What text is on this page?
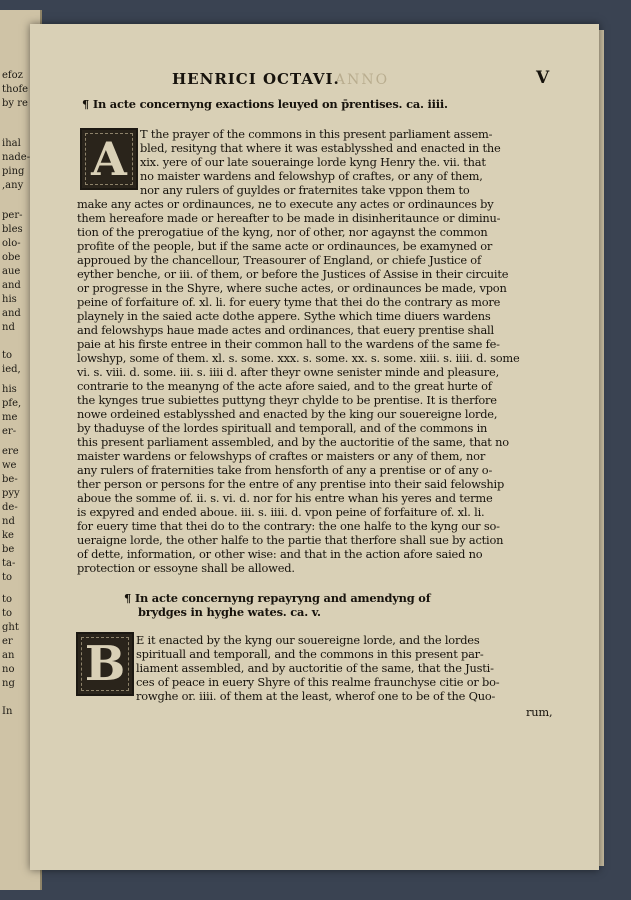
efoz
thofe
by re
ihal
nade-
ping
,any
per-
bles
olo-
obe
aue
and
his
and
nd
to
ied,
his
pfe,
me
er-
ere
we
be-
pyy
de-
nd
ke
be
ta-
to
to
to
ght
er
an
no
ng
In
ANNO
HENRICI OCTAVI.	V
¶ In acte concernyng exactions leuyed on p̄rentises. ca. iiii.
A	T the prayer of the commons in this present parliament assem-
bled, resityng that where it was establysshed and enacted in the
xix. yere of our late souerainge lorde kyng Henry the. vii. that
no maister wardens and felowshyp of craftes, or any of them,
nor any rulers of guyldes or fraternites take vppon them to
make any actes or ordinaunces, ne to execute any actes or ordinaunces by
them hereafore made or hereafter to be made in disinheritaunce or diminu-
tion of the prerogatiue of the kyng, nor of other, nor agaynst the common
profite of the people, but if the same acte or ordinaunces, be examyned or
approued by the chancellour, Treasourer of England, or chiefe Justice of
eyther benche, or iii. of them, or before the Justices of Assise in their circuite
or progresse in the Shyre, where suche actes, or ordinaunces be made, vpon
peine of forfaiture of. xl. li. for euery tyme that thei do the contrary as more
playnely in the saied acte dothe appere. Sythe which time diuers wardens
and felowshyps haue made actes and ordinances, that euery prentise shall
paie at his firste entree in their common hall to the wardens of the same fe-
lowshyp, some of them. xl. s. some. xxx. s. some. xx. s. some. xiii. s. iiii. d. some
vi. s. viii. d. some. iii. s. iiii d. after theyr owne senister minde and pleasure,
contrarie to the meanyng of the acte afore saied, and to the great hurte of
the kynges true subiettes puttyng theyr chylde to be prentise. It is therfore
nowe ordeined establysshed and enacted by the king our souereigne lorde,
by thaduyse of the lordes spirituall and temporall, and of the commons in
this present parliament assembled, and by the auctoritie of the same, that no
maister wardens or felowshyps of craftes or maisters or any of them, nor
any rulers of fraternities take from hensforth of any a prentise or of any o-
ther person or persons for the entre of any prentise into their said felowship
aboue the somme of. ii. s. vi. d. nor for his entre whan his yeres and terme
is expyred and ended aboue. iii. s. iiii. d. vpon peine of forfaiture of. xl. li.
for euery time that thei do to the contrary: the one halfe to the kyng our so-
ueraigne lorde, the other halfe to the partie that therfore shall sue by action
of dette, information, or other wise: and that in the action afore saied no
protection or essoyne shall be allowed.
¶ In acte concernyng repayryng and amendyng of
brydges in hyghe wates. ca. v.
B E it enacted by the kyng our souereigne lorde, and the lordes
spirituall and temporall, and the commons in this present par-
liament assembled, and by auctoritie of the same, that the Justi-
ces of peace in euery Shyre of this realme fraunchyse citie or bo-
rowghe or. iiii. of them at the least, wherof one to be of the Quo-
rum,
